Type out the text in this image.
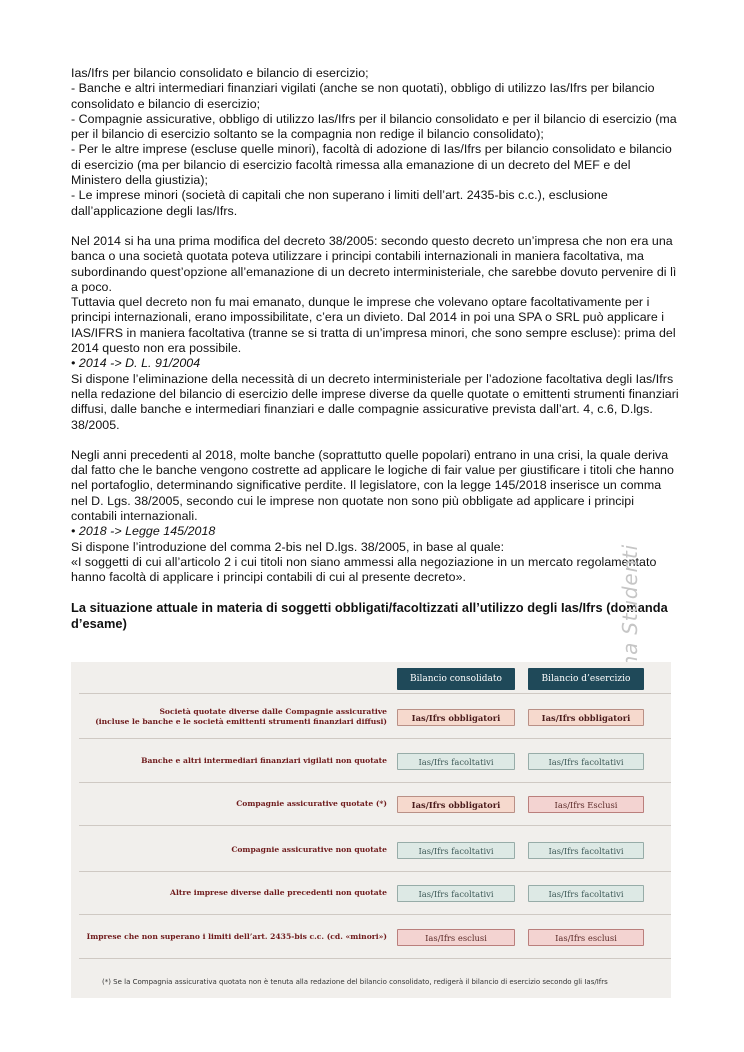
Ias/Ifrs per bilancio consolidato e bilancio di esercizio;

- Banche e altri intermediari finanziari vigilati (anche se non quotati), obbligo di utilizzo Ias/Ifrs per bilancio consolidato e bilancio di esercizio;

- Compagnie assicurative, obbligo di utilizzo Ias/Ifrs per il bilancio consolidato e per il bilancio di esercizio (ma per il bilancio di esercizio soltanto se la compagnia non redige il bilancio consolidato);

- Per le altre imprese (escluse quelle minori), facoltà di adozione di Ias/Ifrs per bilancio consolidato e bilancio di esercizio (ma per bilancio di esercizio facoltà rimessa alla emanazione di un decreto del MEF e del Ministero della giustizia);

- Le imprese minori (società di capitali che non superano i limiti dell’art. 2435-bis c.c.), esclusione dall’applicazione degli Ias/Ifrs.

Nel 2014 si ha una prima modifica del decreto 38/2005: secondo questo decreto un’impresa che non era una banca o una società quotata poteva utilizzare i principi contabili internazionali in maniera facoltativa, ma subordinando quest’opzione all’emanazione di un decreto interministeriale, che sarebbe dovuto pervenire di lì a poco.

Tuttavia quel decreto non fu mai emanato, dunque le imprese che volevano optare facoltativamente per i principi internazionali, erano impossibilitate, c’era un divieto. Dal 2014 in poi una SPA o SRL può applicare i IAS/IFRS in maniera facoltativa (tranne se si tratta di un’impresa minori, che sono sempre escluse): prima del 2014 questo non era possibile.

• 2014 -> D. L. 91/2004

Si dispone l’eliminazione della necessità di un decreto interministeriale per l’adozione facoltativa degli Ias/Ifrs nella redazione del bilancio di esercizio delle imprese diverse da quelle quotate o emittenti strumenti finanziari diffusi, dalle banche e intermediari finanziari e dalle compagnie assicurative prevista dall’art. 4, c.6, D.lgs. 38/2005.

Negli anni precedenti al 2018, molte banche (soprattutto quelle popolari) entrano in una crisi, la quale deriva dal fatto che le banche vengono costrette ad applicare le logiche di fair value per giustificare i titoli che hanno nel portafoglio, determinando significative perdite. Il legislatore, con la legge 145/2018 inserisce un comma nel D. Lgs. 38/2005, secondo cui le imprese non quotate non sono più obbligate ad applicare i principi contabili internazionali.

• 2018 -> Legge 145/2018

Si dispone l’introduzione del comma 2-bis nel D.lgs. 38/2005, in base al quale:

«I soggetti di cui all’articolo 2 i cui titoli non siano ammessi alla negoziazione in un mercato regolamentato hanno facoltà di applicare i principi contabili di cui al presente decreto».

La situazione attuale in materia di soggetti obbligati/facoltizzati all’utilizzo degli Ias/Ifrs (domanda d’esame)

Bilancio consolidato	Bilancio d’esercizio
Società quotate diverse dalle Compagnie assicurative
(incluse le banche e le società emittenti strumenti finanziari diffusi)	Ias/Ifrs obbligatori	Ias/Ifrs obbligatori
Banche e altri intermediari finanziari vigilati non quotate	Ias/Ifrs facoltativi	Ias/Ifrs facoltativi
Compagnie assicurative quotate (*)	Ias/Ifrs obbligatori	Ias/Ifrs Esclusi
Compagnie assicurative non quotate	Ias/Ifrs facoltativi	Ias/Ifrs facoltativi
Altre imprese diverse dalle precedenti non quotate	Ias/Ifrs facoltativi	Ias/Ifrs facoltativi
Imprese che non superano i limiti dell’art. 2435-bis c.c. (cd. «minori»)	Ias/Ifrs esclusi	Ias/Ifrs esclusi
(*) Se la Compagnia assicurativa quotata non è tenuta alla redazione del bilancio consolidato, redigerà il bilancio di esercizio secondo gli Ias/Ifrs
